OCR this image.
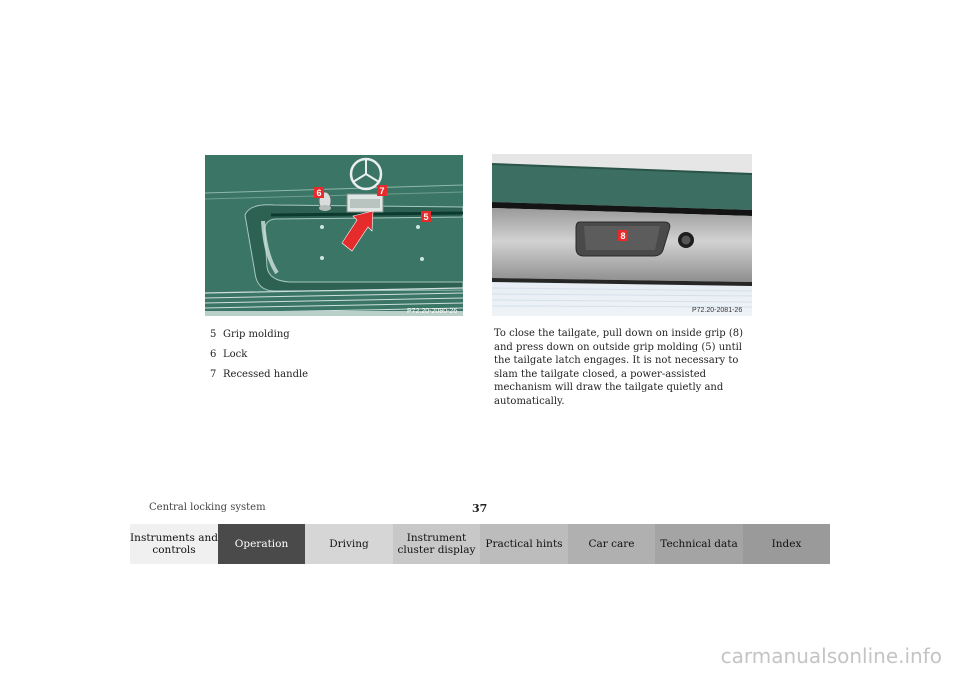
6	7
5
P72.20-2080-26
8
P72.20-2081-26
5 Grip molding
6 Lock
7 Recessed handle
To close the tailgate, pull down on inside grip (8) and press down on outside grip molding (5) until the tailgate latch engages. It is not necessary to slam the tailgate closed, a power-assisted mechanism will draw the tailgate quietly and automatically.
Central locking system	37
Instruments and controls
Operation	Driving
Instrument cluster display
Practical hints Car care Technical data	Index
carmanualsonline.info
